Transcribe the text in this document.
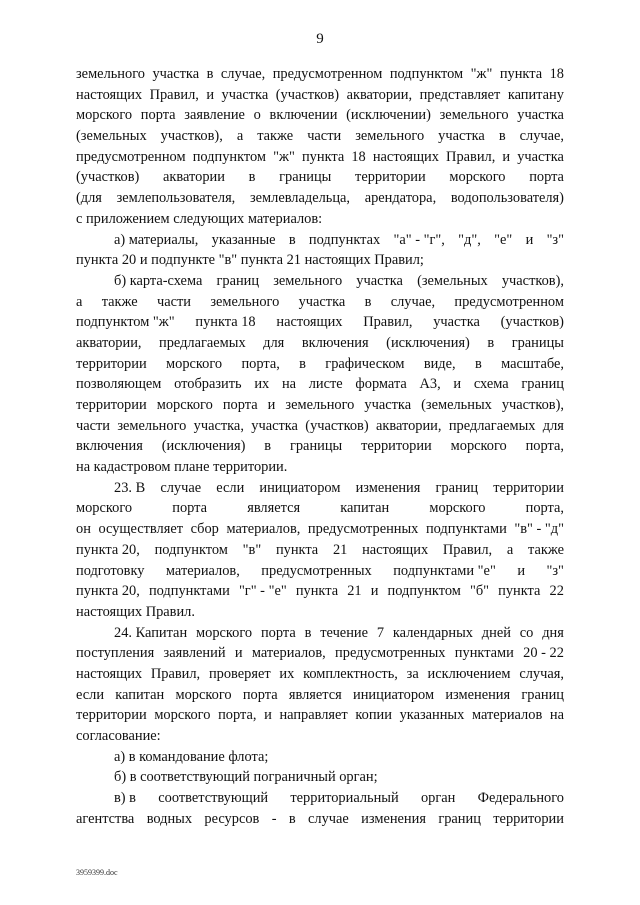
9
земельного участка в случае, предусмотренном подпунктом "ж" пункта 18
настоящих Правил, и участка (участков) акватории, представляет капитану
морского порта заявление о включении (исключении) земельного участка
(земельных участков), а также части земельного участка в случае,
предусмотренном подпунктом "ж" пункта 18 настоящих Правил, и участка
(участков) акватории в границы территории морского порта
(для землепользователя, землевладельца, арендатора, водопользователя)
с приложением следующих материалов:
а) материалы, указанные в подпунктах "а" - "г", "д", "е" и "з"
пункта 20 и подпункте "в" пункта 21 настоящих Правил;
б) карта-схема границ земельного участка (земельных участков),
а также части земельного участка в случае, предусмотренном
подпунктом "ж" пункта 18 настоящих Правил, участка (участков)
акватории, предлагаемых для включения (исключения) в границы
территории морского порта, в графическом виде, в масштабе,
позволяющем отобразить их на листе формата А3, и схема границ
территории морского порта и земельного участка (земельных участков),
части земельного участка, участка (участков) акватории, предлагаемых для
включения (исключения) в границы территории морского порта,
на кадастровом плане территории.
23. В случае если инициатором изменения границ территории
морского	порта	является	капитан	морского	порта,
он осуществляет сбор материалов, предусмотренных подпунктами "в" - "д"
пункта 20, подпунктом "в" пункта 21 настоящих Правил, а также
подготовку материалов, предусмотренных подпунктами "е" и "з"
пункта 20, подпунктами "г" - "е" пункта 21 и подпунктом "б" пункта 22
настоящих Правил.
24. Капитан морского порта в течение 7 календарных дней со дня
поступления заявлений и материалов, предусмотренных пунктами 20 - 22
настоящих Правил, проверяет их комплектность, за исключением случая,
если капитан морского порта является инициатором изменения границ
территории морского порта, и направляет копии указанных материалов на
согласование:
а) в командование флота;
б) в соответствующий пограничный орган;
в) в соответствующий территориальный орган Федерального
агентства водных ресурсов - в случае изменения границ территории
3959399.doc
